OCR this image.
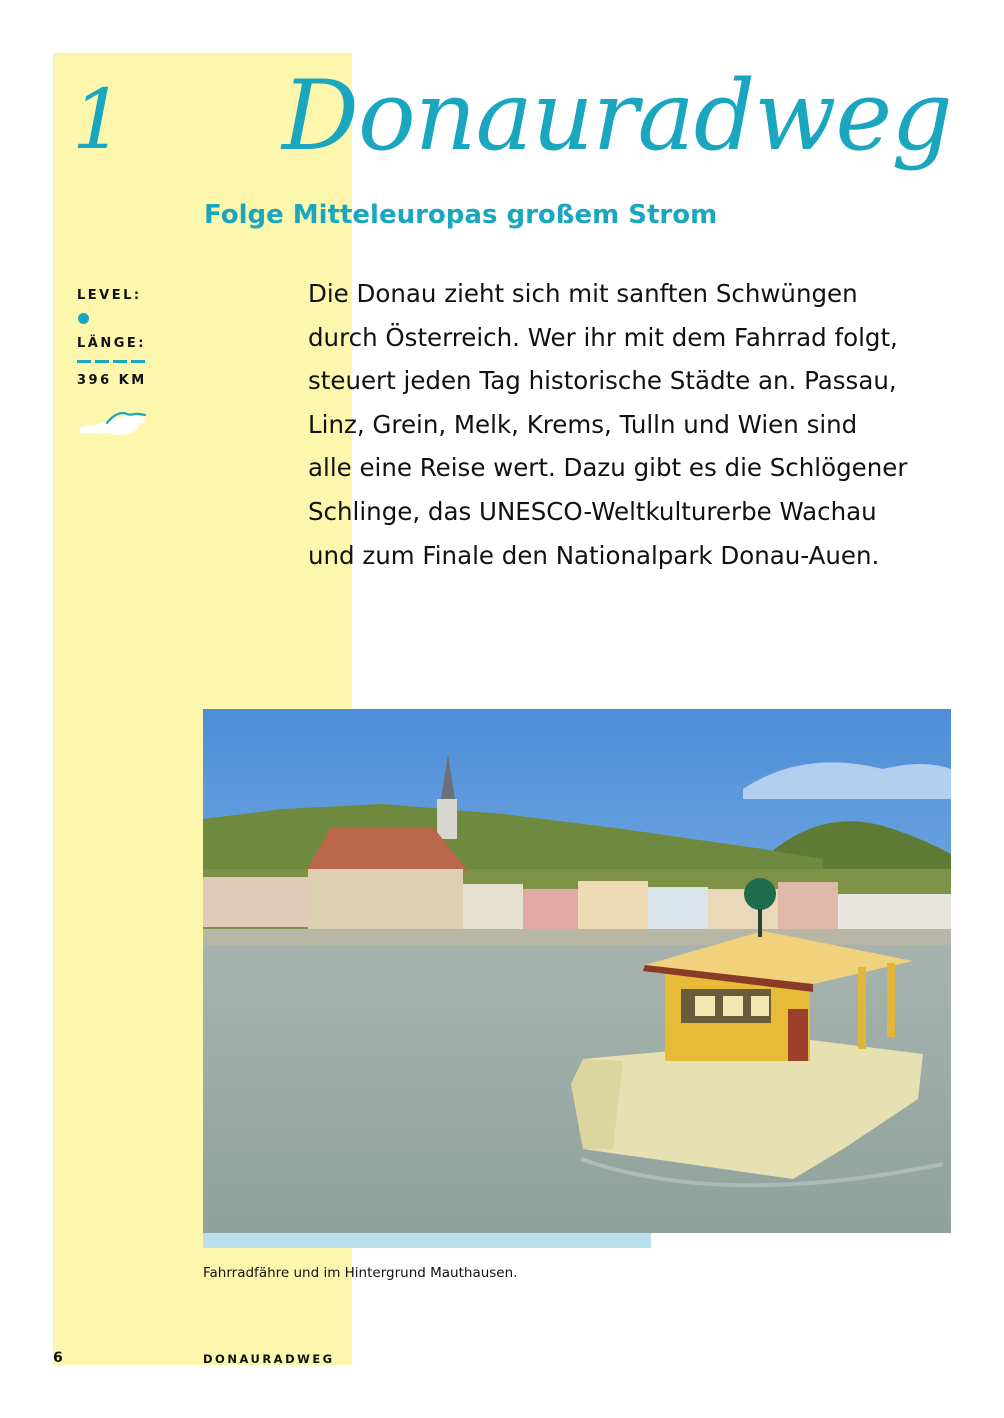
1 Donauradweg
Folge Mitteleuropas großem Strom
LEVEL:
LÄNGE:
396 KM

Die Donau zieht sich mit sanften Schwüngen durch Österreich. Wer ihr mit dem Fahrrad folgt, steuert jeden Tag historische Städte an. Passau, Linz, Grein, Melk, Krems, Tulln und Wien sind alle eine Reise wert. Dazu gibt es die Schlögener Schlinge, das UNESCO-Weltkulturerbe Wachau und zum Finale den Nationalpark Donau-Auen.

Fahrradfähre und im Hintergrund Mauthausen.
6	DONAURADWEG
